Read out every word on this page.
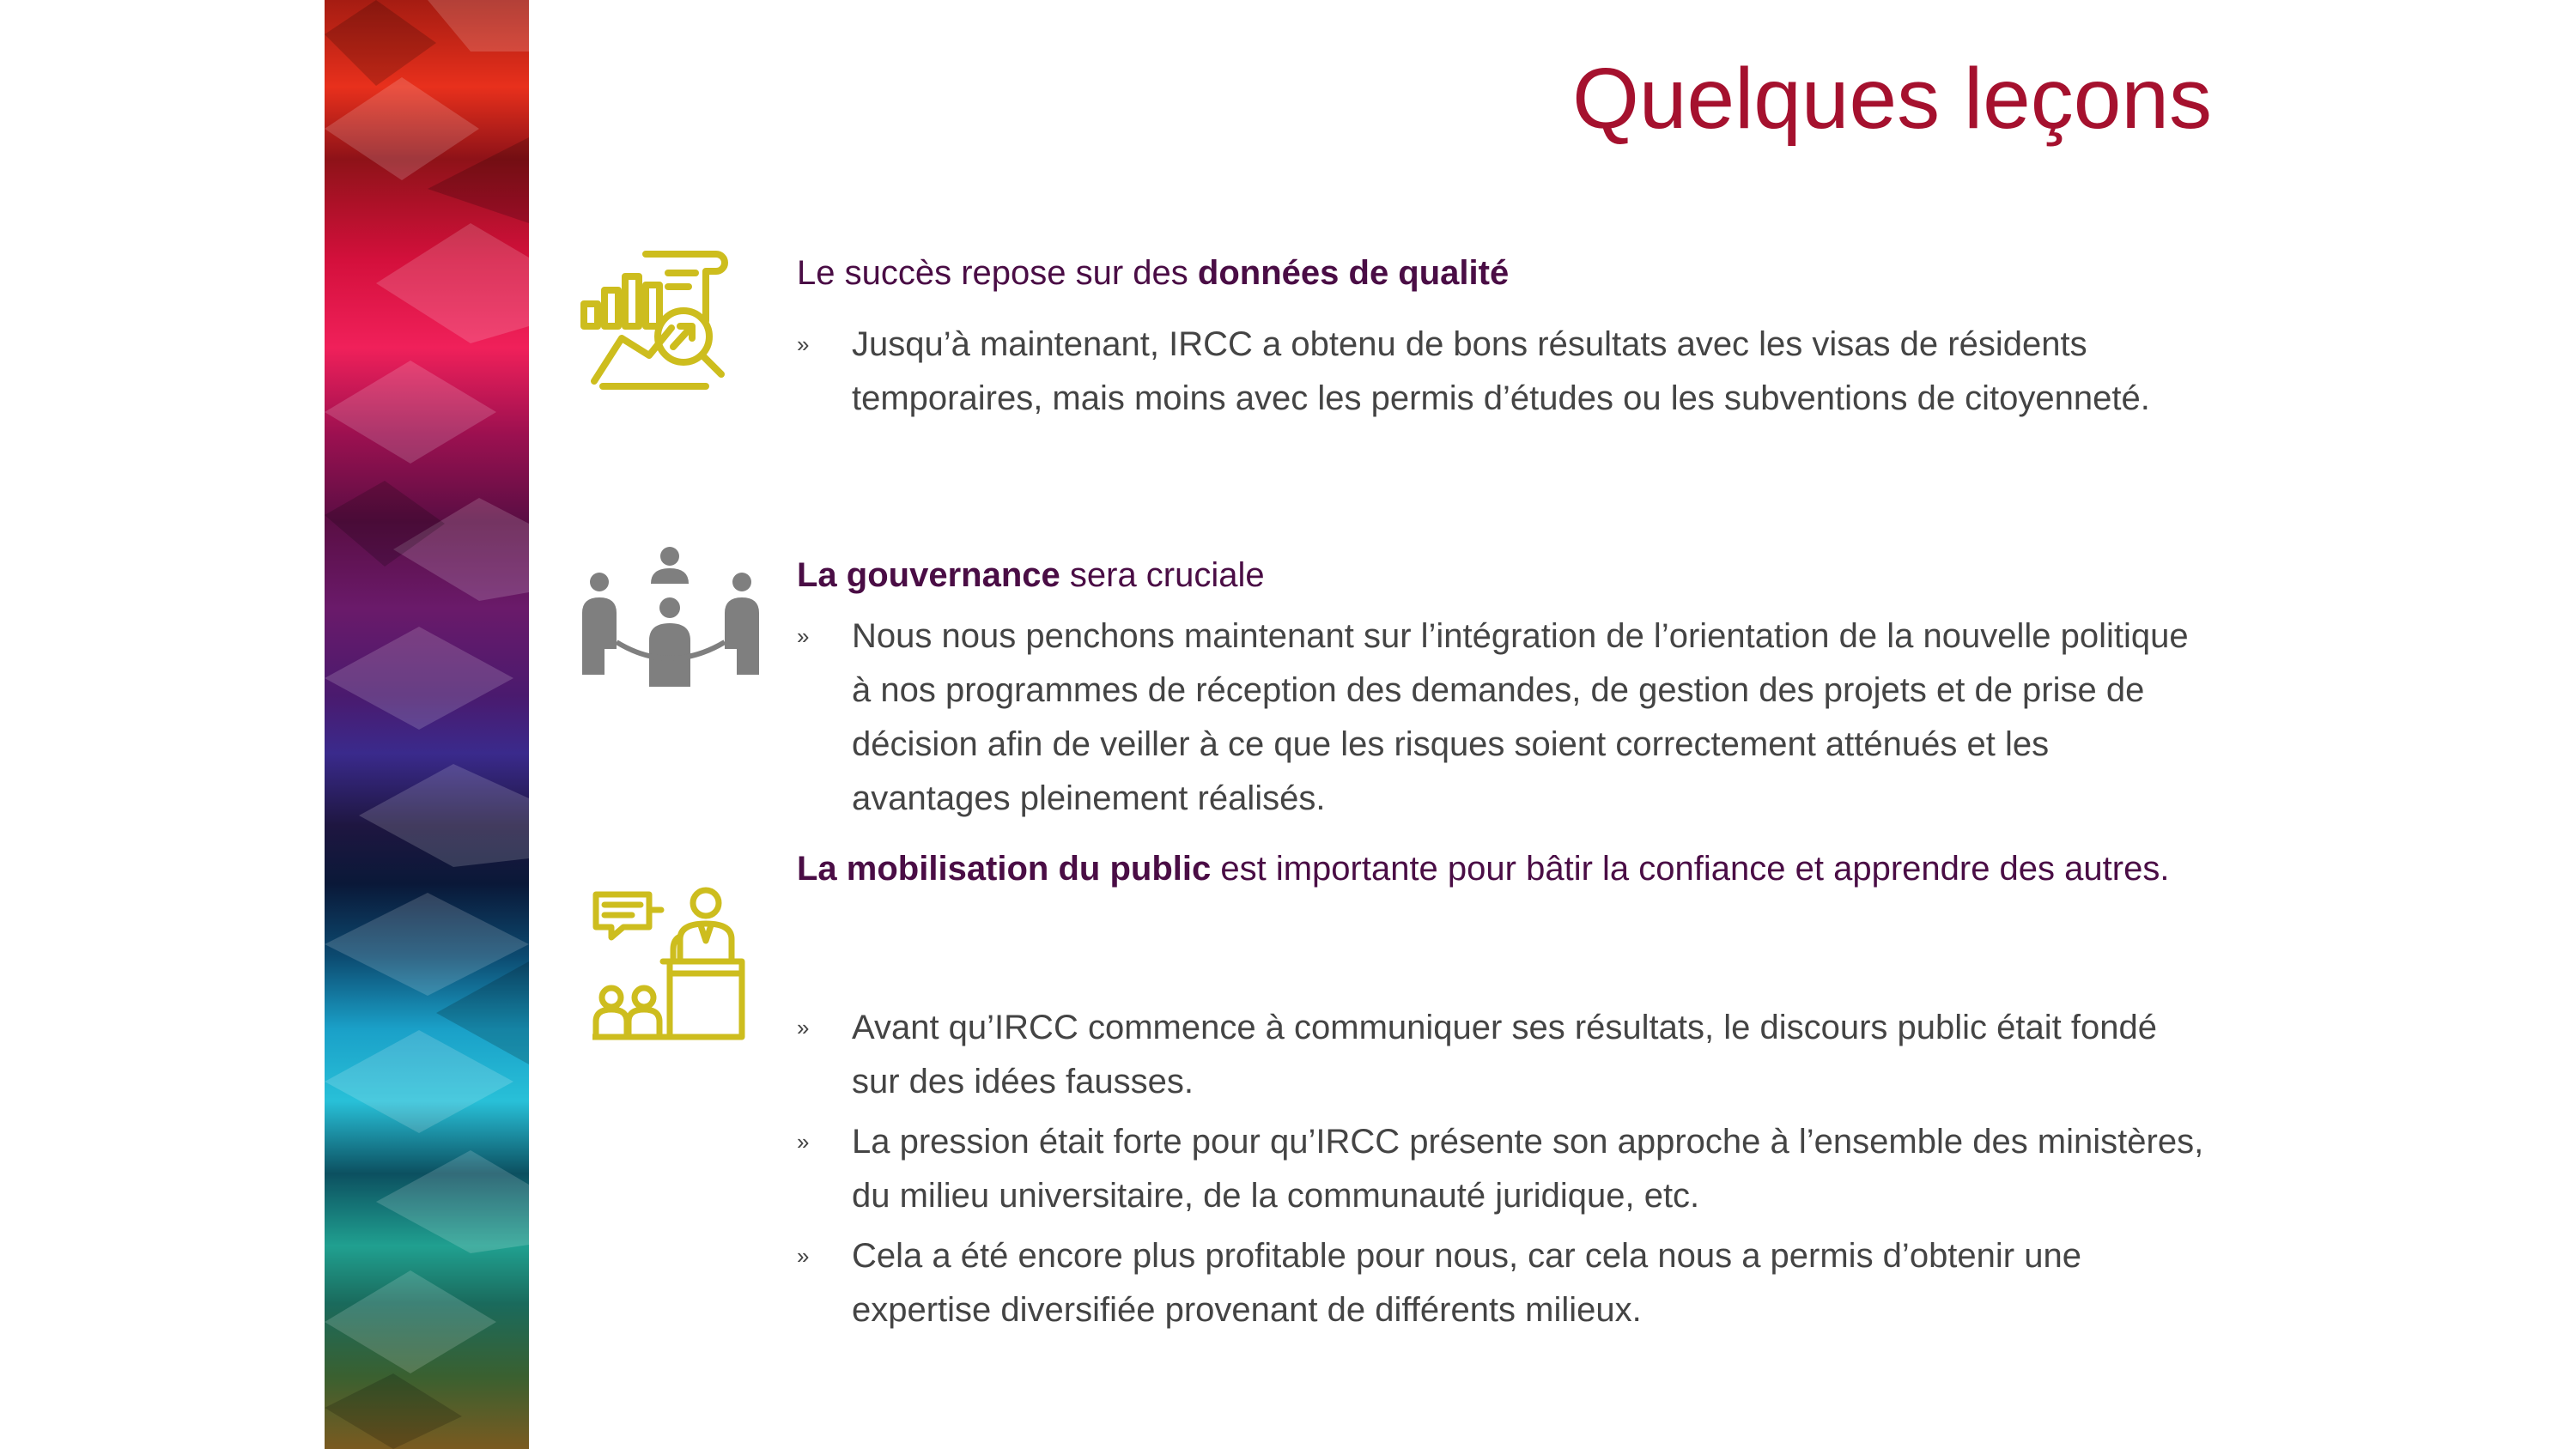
Quelques leçons

Le succès repose sur des données de qualité

» Jusqu’à maintenant, IRCC a obtenu de bons résultats avec les visas de résidents temporaires, mais moins avec les permis d’études ou les subventions de citoyenneté.

La gouvernance sera cruciale

» Nous nous penchons maintenant sur l’intégration de l’orientation de la nouvelle politique à nos programmes de réception des demandes, de gestion des projets et de prise de décision afin de veiller à ce que les risques soient correctement atténués et les avantages pleinement réalisés.

La mobilisation du public est importante pour bâtir la confiance et apprendre des autres.

» Avant qu’IRCC commence à communiquer ses résultats, le discours public était fondé sur des idées fausses.
» La pression était forte pour qu’IRCC présente son approche à l’ensemble des ministères, du milieu universitaire, de la communauté juridique, etc.
» Cela a été encore plus profitable pour nous, car cela nous a permis d’obtenir une expertise diversifiée provenant de différents milieux.
